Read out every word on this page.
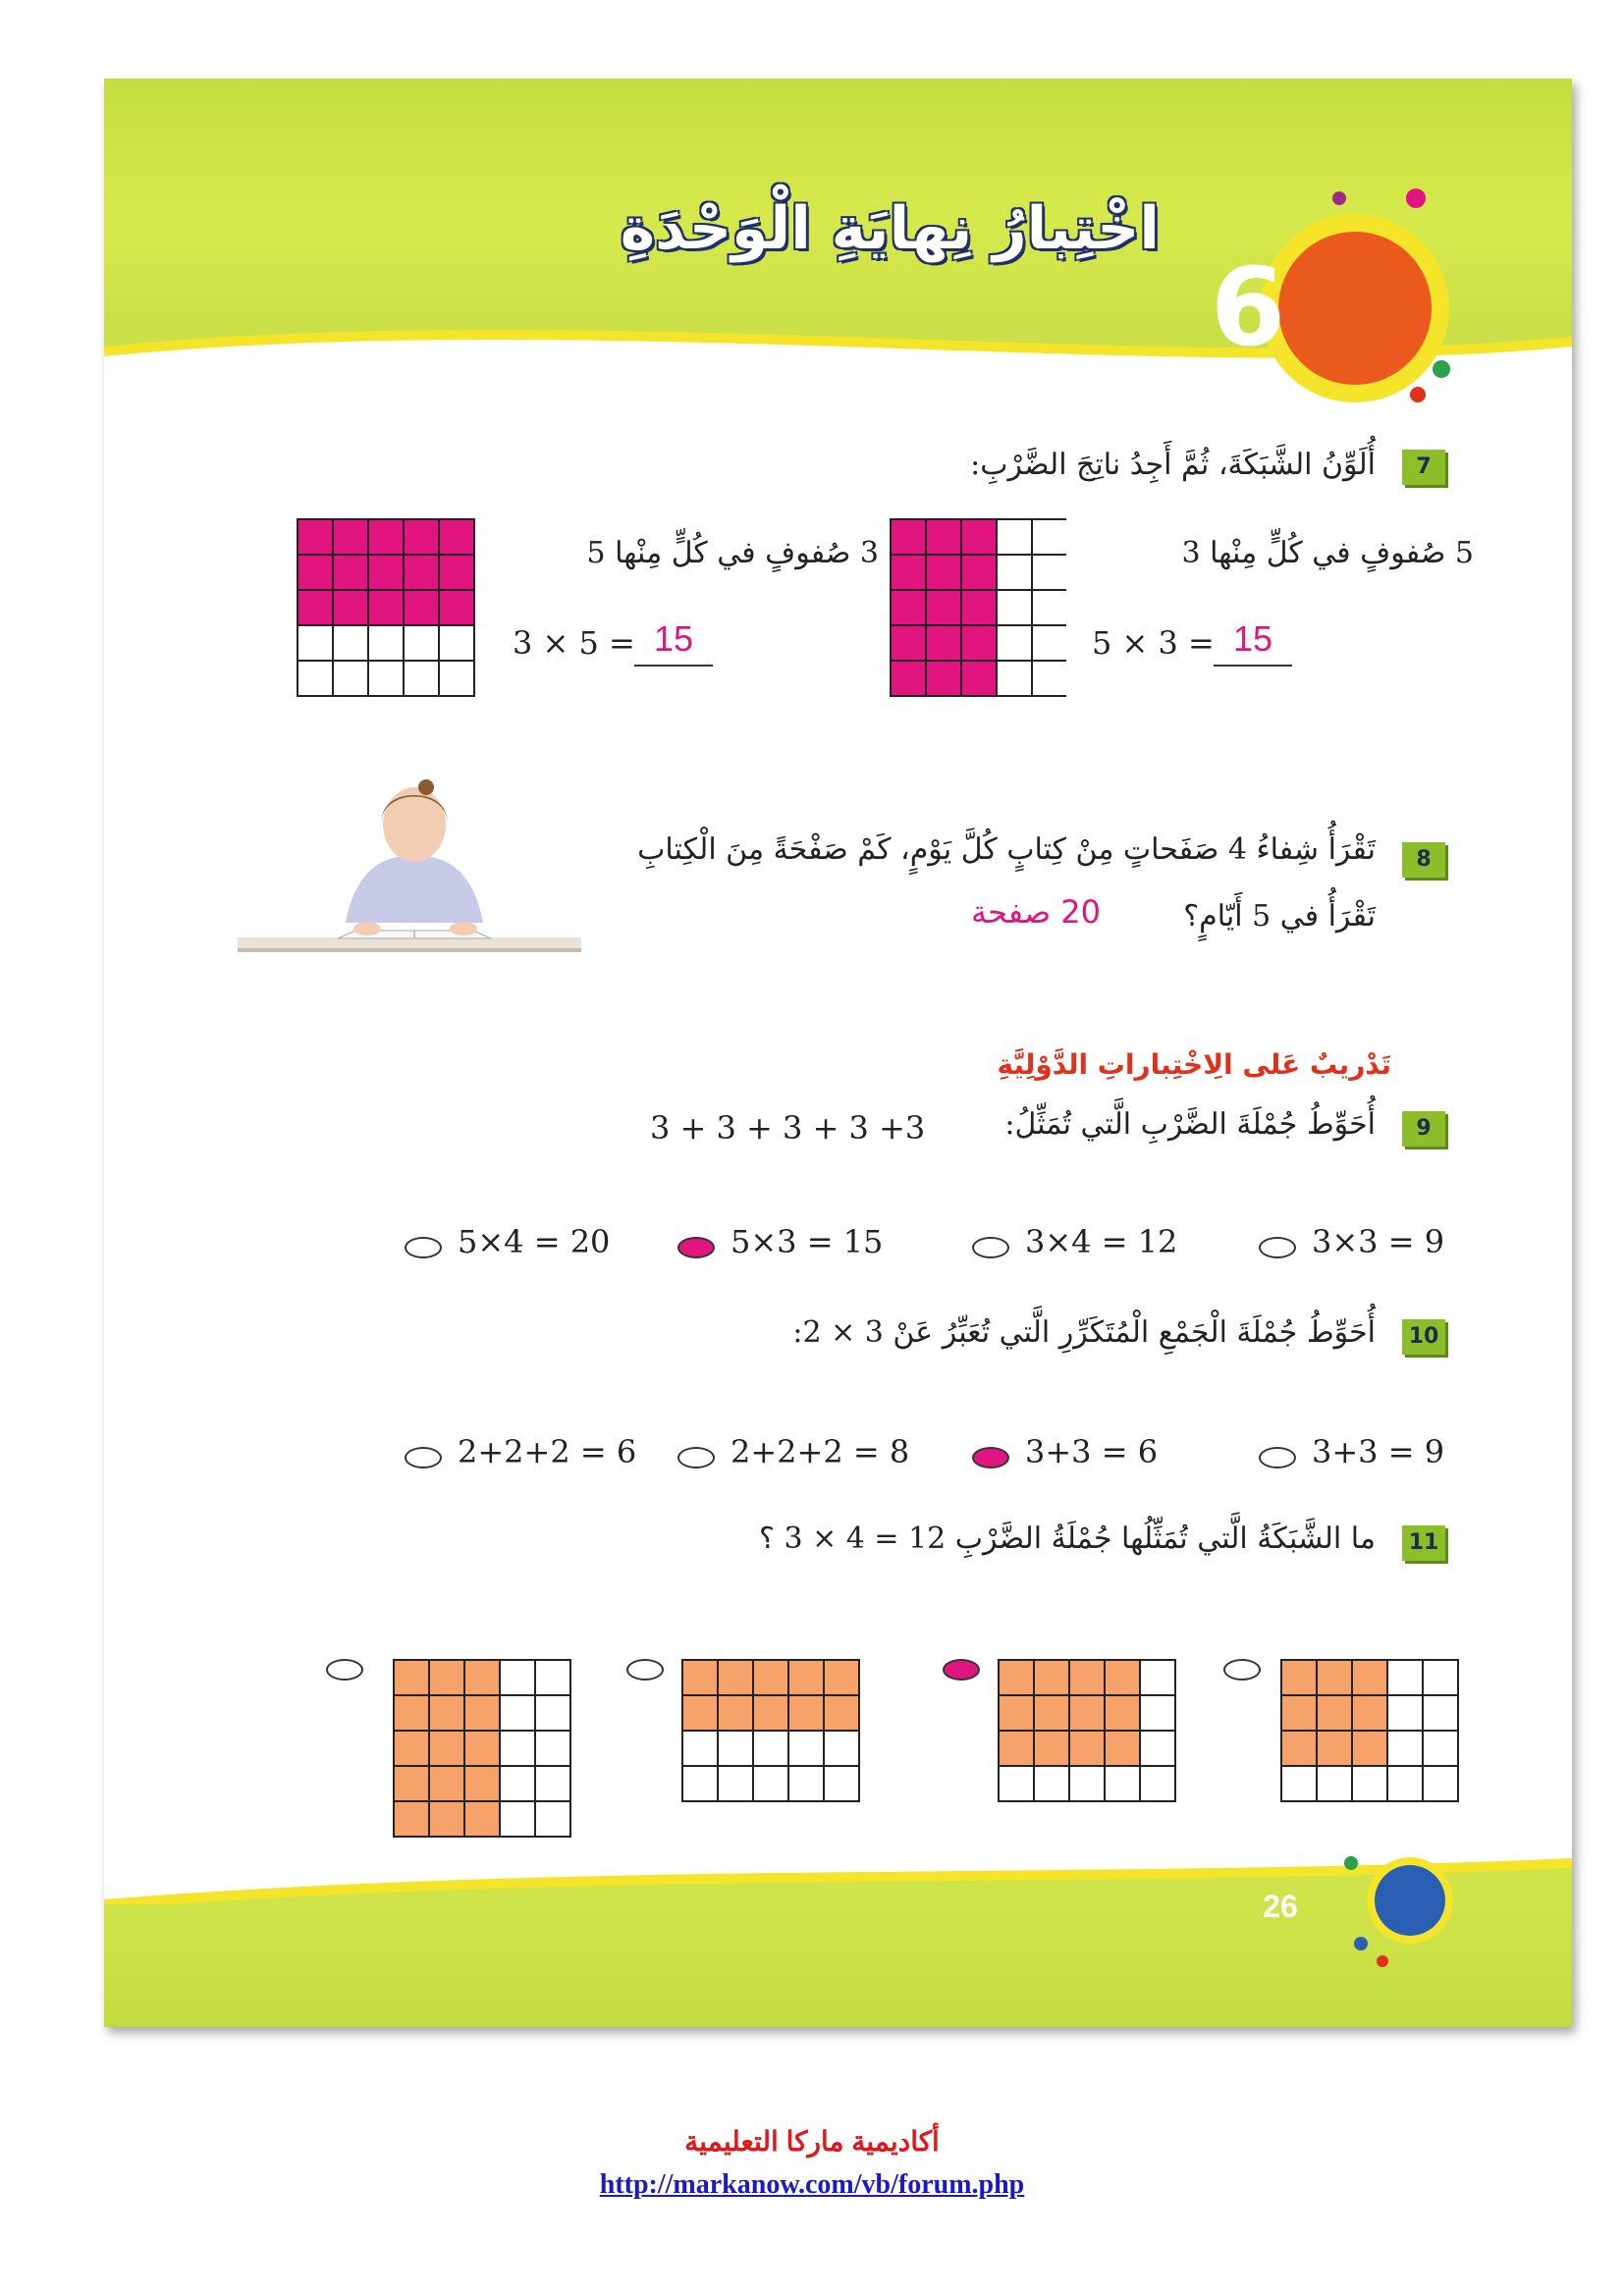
اخْتِبارُ نِهايَةِ الْوَحْدَةِ
6
7
أُلَوِّنُ الشَّبَكَةَ، ثُمَّ أَجِدُ ناتِجَ الضَّرْبِ:
5 صُفوفٍ في كُلٍّ مِنْها 3
5 × 3 = 15
3 صُفوفٍ في كُلٍّ مِنْها 5
3 × 5 = 15
8
تَقْرَأُ شِفاءُ 4 صَفَحاتٍ مِنْ كِتابٍ كُلَّ يَوْمٍ، كَمْ صَفْحَةً مِنَ الْكِتابِ
تَقْرَأُ في 5 أَيّامٍ؟
20 صفحة
تَدْريبٌ عَلى الِاخْتِباراتِ الدَّوْلِيَّةِ
9
أُحَوِّطُ جُمْلَةَ الضَّرْبِ الَّتي تُمَثِّلُ:
3 + 3 + 3 + 3 +3
3×3 = 9
3×4 = 12
5×3 = 15
5×4 = 20
10
أُحَوِّطُ جُمْلَةَ الْجَمْعِ الْمُتَكَرِّرِ الَّتي تُعَبِّرُ عَنْ 3 × 2:
3+3 = 9
3+3 = 6
2+2+2 = 8
2+2+2 = 6
11
ما الشَّبَكَةُ الَّتي تُمَثِّلُها جُمْلَةُ الضَّرْبِ 12 = 4 × 3 ؟
26
أكاديمية ماركا التعليمية
http://markanow.com/vb/forum.php
